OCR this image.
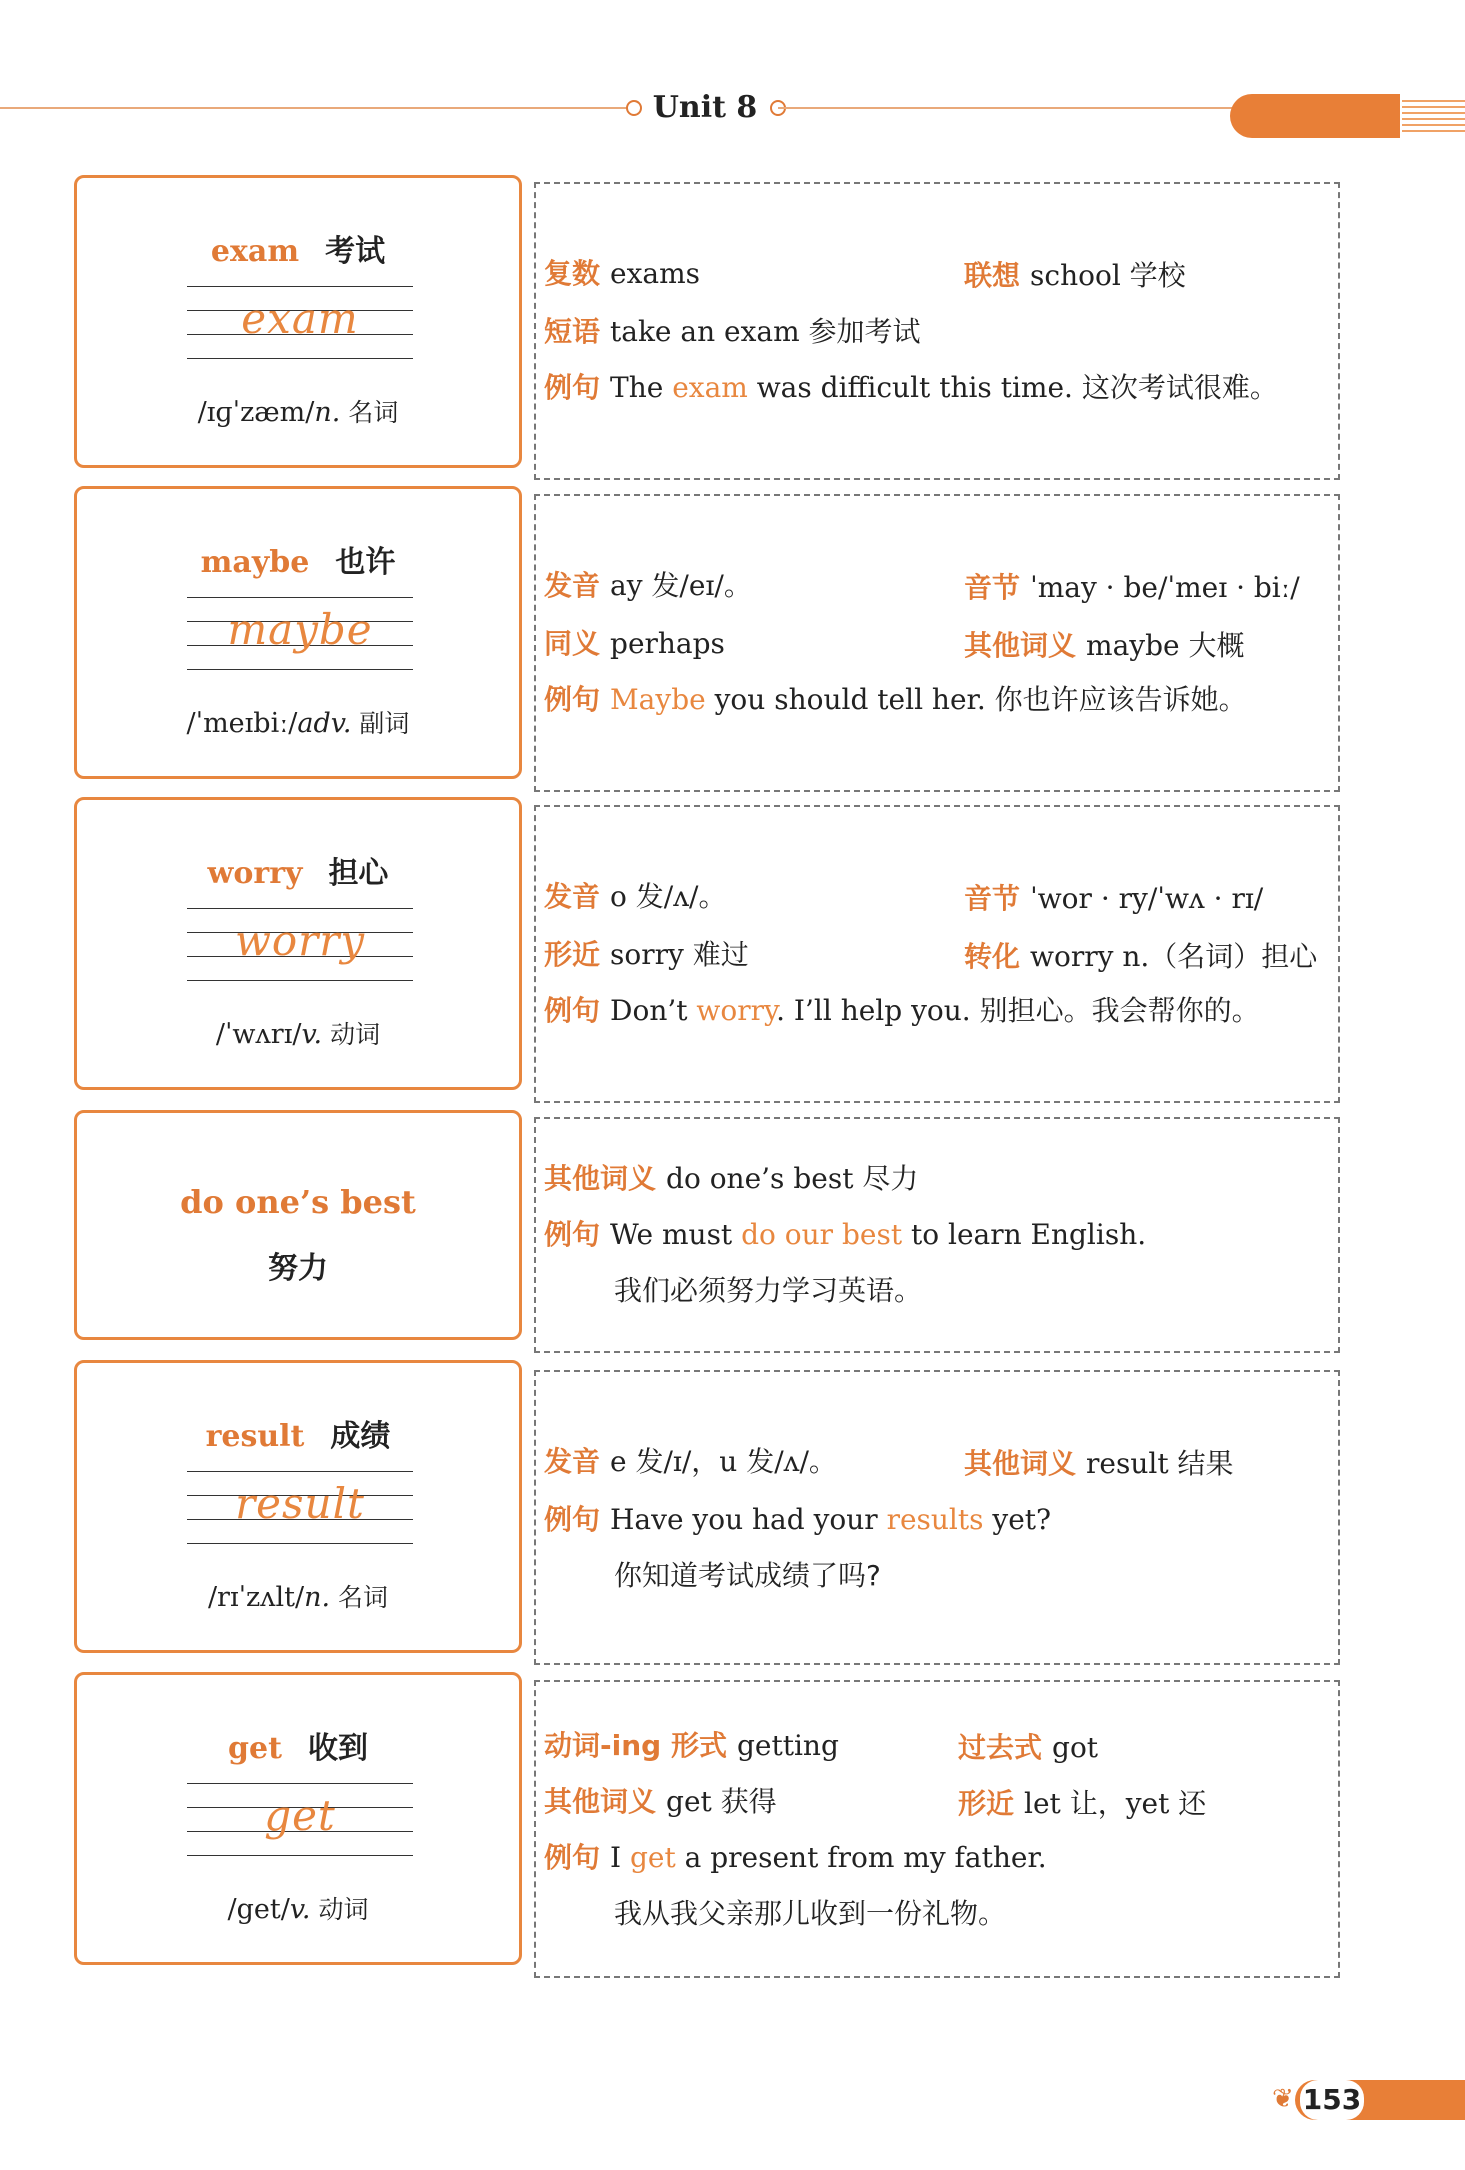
Unit 8
exam 考试
exam
/ɪɡˈzæm/n. 名词
复数 exams	联想 school 学校
短语 take an exam 参加考试
例句 The exam was difficult this time. 这次考试很难。
maybe 也许
maybe
/ˈmeɪbiː/adv. 副词
发音 ay 发/eɪ/。	音节 ˈmay · be/ˈmeɪ · biː/
同义 perhaps	其他词义 maybe 大概
例句 Maybe you should tell her. 你也许应该告诉她。
worry 担心
worry
/ˈwʌrɪ/v. 动词
发音 o 发/ʌ/。	音节 ˈwor · ry/ˈwʌ · rɪ/
形近 sorry 难过	转化 worry n.（名词）担心
例句 Don’t worry. I’ll help you. 别担心。我会帮你的。
do one’s best
努力
其他词义 do one’s best 尽力
例句 We must do our best to learn English.
我们必须努力学习英语。
result 成绩
result
/rɪˈzʌlt/n. 名词
发音 e 发/ɪ/，u 发/ʌ/。	其他词义 result 结果
例句 Have you had your results yet?
你知道考试成绩了吗?
get 收到
get
/get/v. 动词
动词-ing 形式 getting	过去式 got
其他词义 get 获得	形近 let 让，yet 还
例句 I get a present from my father.
我从我父亲那儿收到一份礼物。
❦ 153
